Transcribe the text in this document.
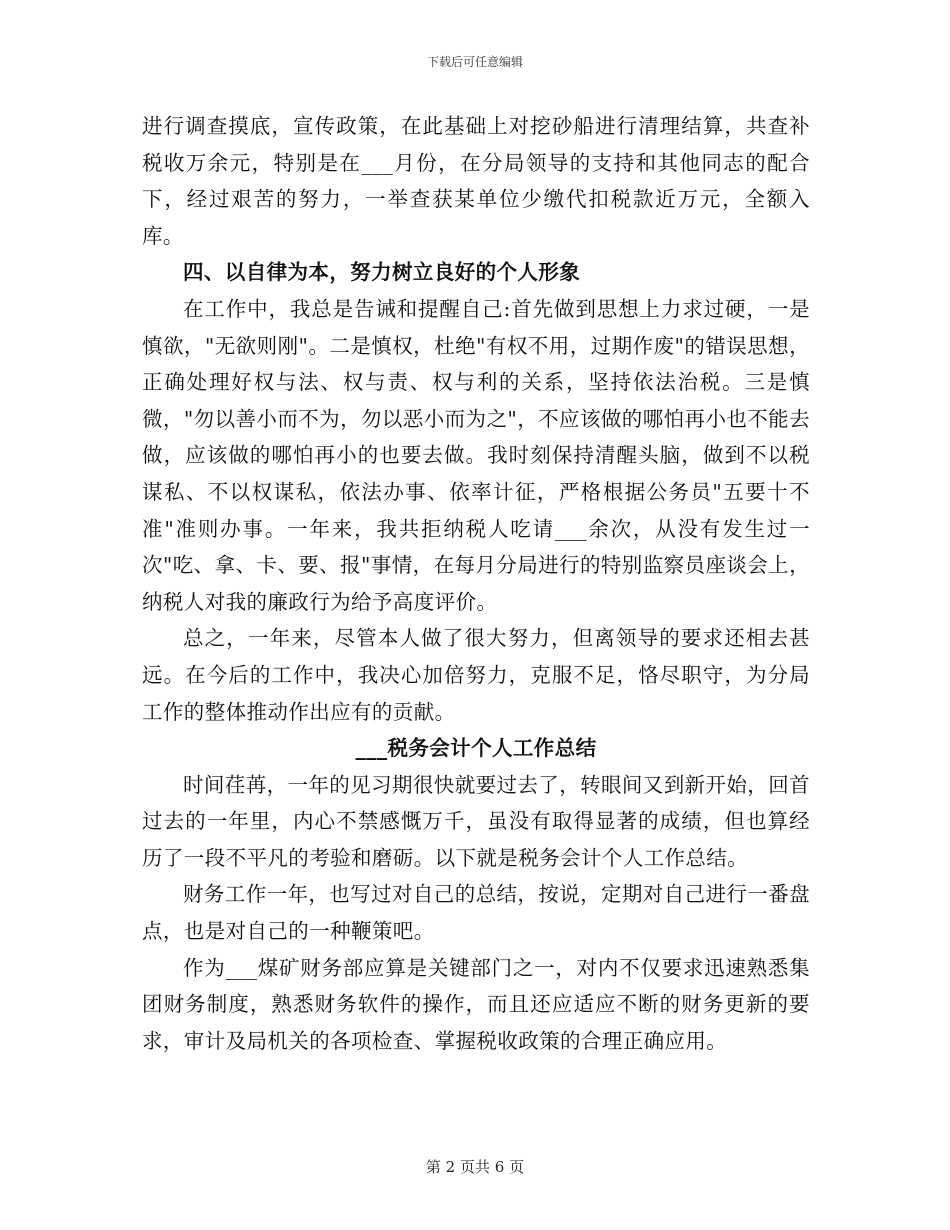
下载后可任意编辑

进行调查摸底，宣传政策，在此基础上对挖砂船进行清理结算，共查补税收万余元，特别是在___月份，在分局领导的支持和其他同志的配合下，经过艰苦的努力，一举查获某单位少缴代扣税款近万元，全额入库。

四、以自律为本，努力树立良好的个人形象

在工作中，我总是告诫和提醒自己:首先做到思想上力求过硬，一是慎欲，"无欲则刚"。二是慎权，杜绝"有权不用，过期作废"的错误思想，正确处理好权与法、权与责、权与利的关系，坚持依法治税。三是慎微，"勿以善小而不为，勿以恶小而为之"，不应该做的哪怕再小也不能去做，应该做的哪怕再小的也要去做。我时刻保持清醒头脑，做到不以税谋私、不以权谋私，依法办事、依率计征，严格根据公务员"五要十不准"准则办事。一年来，我共拒纳税人吃请___余次，从没有发生过一次"吃、拿、卡、要、报"事情，在每月分局进行的特别监察员座谈会上，纳税人对我的廉政行为给予高度评价。

总之，一年来，尽管本人做了很大努力，但离领导的要求还相去甚远。在今后的工作中，我决心加倍努力，克服不足，恪尽职守，为分局工作的整体推动作出应有的贡献。

___税务会计个人工作总结

时间荏苒，一年的见习期很快就要过去了，转眼间又到新开始，回首过去的一年里，内心不禁感慨万千，虽没有取得显著的成绩，但也算经历了一段不平凡的考验和磨砺。以下就是税务会计个人工作总结。

财务工作一年，也写过对自己的总结，按说，定期对自己进行一番盘点，也是对自己的一种鞭策吧。

作为___煤矿财务部应算是关键部门之一，对内不仅要求迅速熟悉集团财务制度，熟悉财务软件的操作，而且还应适应不断的财务更新的要求，审计及局机关的各项检查、掌握税收政策的合理正确应用。

第 2 页共 6 页
